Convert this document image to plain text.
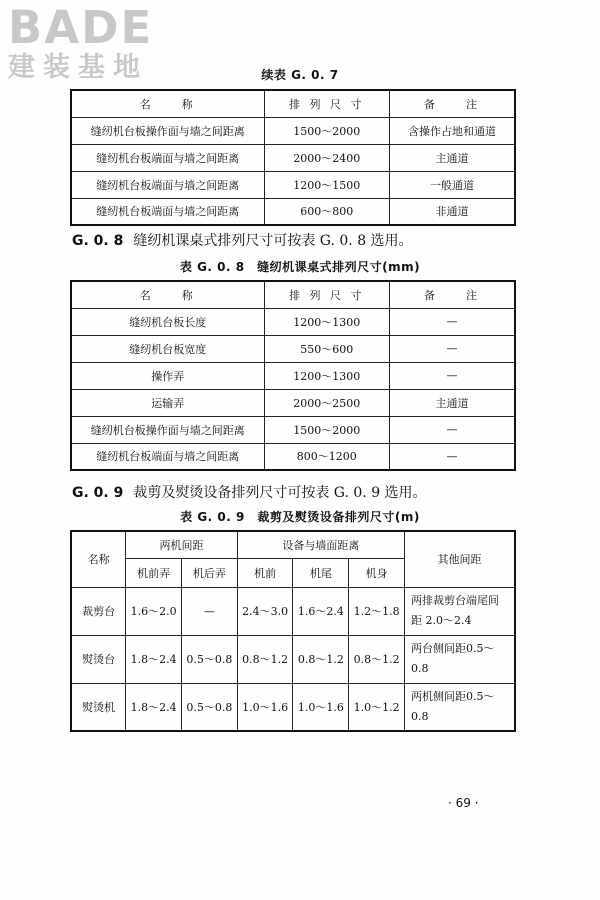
BADE
建装基地	续表 G. 0. 7
名　　称	排 列 尺 寸	备　　注
缝纫机台板操作面与墙之间距离	1500～2000	含操作占地和通道
缝纫机台板端面与墙之间距离	2000～2400	主通道
缝纫机台板端面与墙之间距离	1200～1500	一般通道
缝纫机台板端面与墙之间距离	600～800	非通道
G. 0. 8 缝纫机课桌式排列尺寸可按表 G. 0. 8 选用。
表 G. 0. 8　缝纫机课桌式排列尺寸(mm)
名　　称	排 列 尺 寸	备　　注
缝纫机台板长度	1200～1300	—
缝纫机台板宽度	550～600	—
操作弄	1200～1300	—
运输弄	2000～2500	主通道
缝纫机台板操作面与墙之间距离	1500～2000	—
缝纫机台板端面与墙之间距离	800～1200	—
G. 0. 9 裁剪及熨烫设备排列尺寸可按表 G. 0. 9 选用。
表 G. 0. 9　裁剪及熨烫设备排列尺寸(m)
名称	两机间距		设备与墙面距离			其他间距
	机前弄	机后弄	机前	机尾	机身	
裁剪台	1.6～2.0	—	2.4～3.0	1.6～2.4	1.2～1.8	两排裁剪台端尾间距 2.0～2.4
熨烫台	1.8～2.4	0.5～0.8	0.8～1.2	0.8～1.2	0.8～1.2	两台侧间距0.5～0.8
熨烫机	1.8～2.4	0.5～0.8	1.0～1.6	1.0～1.6	1.0～1.2	两机侧间距0.5～0.8
· 69 ·
